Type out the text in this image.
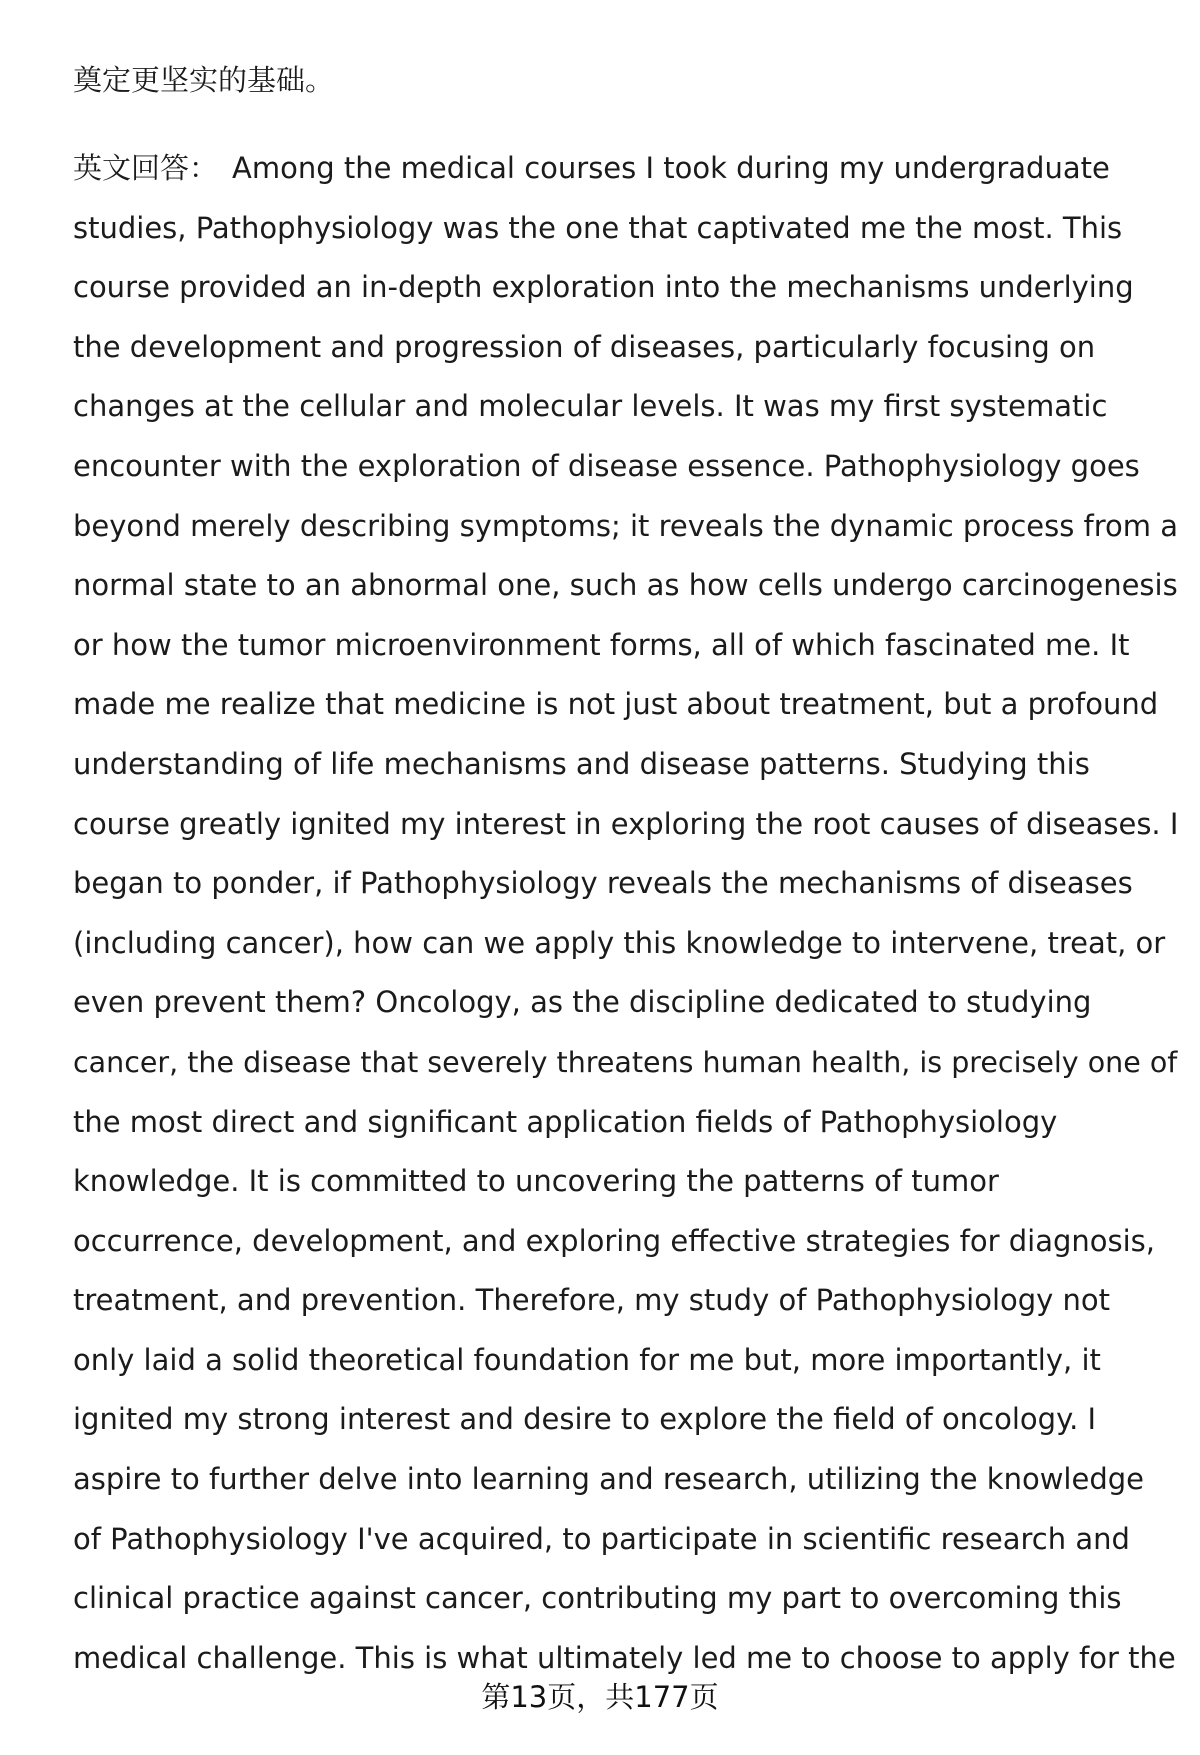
奠定更坚实的基础。
英文回答： Among the medical courses I took during my undergraduate
studies, Pathophysiology was the one that captivated me the most. This
course provided an in-depth exploration into the mechanisms underlying
the development and progression of diseases, particularly focusing on
changes at the cellular and molecular levels. It was my first systematic
encounter with the exploration of disease essence. Pathophysiology goes
beyond merely describing symptoms; it reveals the dynamic process from a
normal state to an abnormal one, such as how cells undergo carcinogenesis
or how the tumor microenvironment forms, all of which fascinated me. It
made me realize that medicine is not just about treatment, but a profound
understanding of life mechanisms and disease patterns. Studying this
course greatly ignited my interest in exploring the root causes of diseases. I
began to ponder, if Pathophysiology reveals the mechanisms of diseases
(including cancer), how can we apply this knowledge to intervene, treat, or
even prevent them? Oncology, as the discipline dedicated to studying
cancer, the disease that severely threatens human health, is precisely one of
the most direct and significant application fields of Pathophysiology
knowledge. It is committed to uncovering the patterns of tumor
occurrence, development, and exploring effective strategies for diagnosis,
treatment, and prevention. Therefore, my study of Pathophysiology not
only laid a solid theoretical foundation for me but, more importantly, it
ignited my strong interest and desire to explore the field of oncology. I
aspire to further delve into learning and research, utilizing the knowledge
of Pathophysiology I've acquired, to participate in scientific research and
clinical practice against cancer, contributing my part to overcoming this
medical challenge. This is what ultimately led me to choose to apply for the
第13页，共177页
